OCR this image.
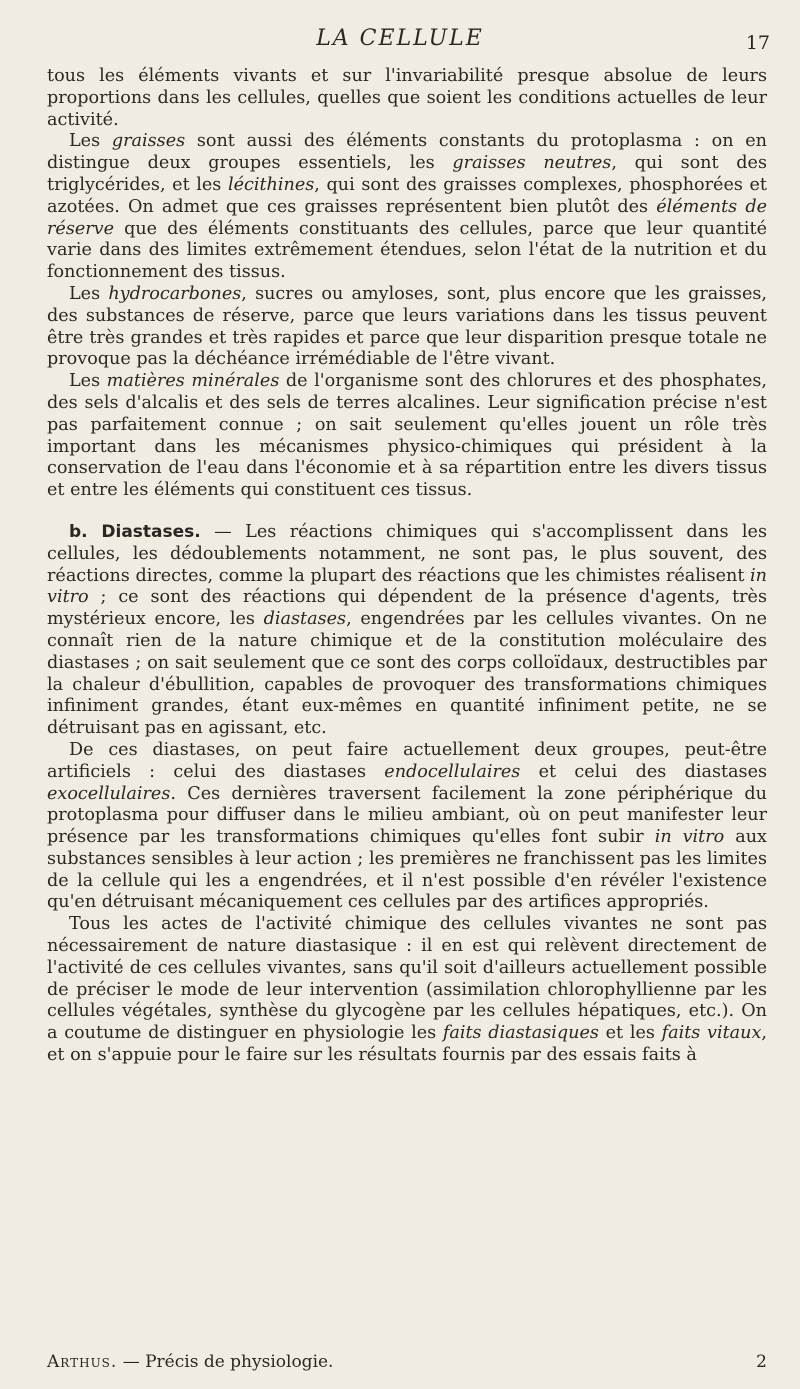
LA CELLULE	17

tous les éléments vivants et sur l'invariabilité presque absolue de leurs proportions dans les cellules, quelles que soient les conditions actuelles de leur activité.

Les graisses sont aussi des éléments constants du protoplasma : on en distingue deux groupes essentiels, les graisses neutres, qui sont des triglycérides, et les lécithines, qui sont des graisses complexes, phosphorées et azotées. On admet que ces graisses représentent bien plutôt des éléments de réserve que des éléments constituants des cellules, parce que leur quantité varie dans des limites extrêmement étendues, selon l'état de la nutrition et du fonctionnement des tissus.

Les hydrocarbones, sucres ou amyloses, sont, plus encore que les graisses, des substances de réserve, parce que leurs variations dans les tissus peuvent être très grandes et très rapides et parce que leur disparition presque totale ne provoque pas la déchéance irrémédiable de l'être vivant.

Les matières minérales de l'organisme sont des chlorures et des phosphates, des sels d'alcalis et des sels de terres alcalines. Leur signification précise n'est pas parfaitement connue ; on sait seulement qu'elles jouent un rôle très important dans les mécanismes physico-chimiques qui président à la conservation de l'eau dans l'économie et à sa répartition entre les divers tissus et entre les éléments qui constituent ces tissus.

b. Diastases. — Les réactions chimiques qui s'accomplissent dans les cellules, les dédoublements notamment, ne sont pas, le plus souvent, des réactions directes, comme la plupart des réactions que les chimistes réalisent in vitro ; ce sont des réactions qui dépendent de la présence d'agents, très mystérieux encore, les diastases, engendrées par les cellules vivantes. On ne connaît rien de la nature chimique et de la constitution moléculaire des diastases ; on sait seulement que ce sont des corps colloïdaux, destructibles par la chaleur d'ébullition, capables de provoquer des transformations chimiques infiniment grandes, étant eux-mêmes en quantité infiniment petite, ne se détruisant pas en agissant, etc.

De ces diastases, on peut faire actuellement deux groupes, peut-être artificiels : celui des diastases endocellulaires et celui des diastases exocellulaires. Ces dernières traversent facilement la zone périphérique du protoplasma pour diffuser dans le milieu ambiant, où on peut manifester leur présence par les transformations chimiques qu'elles font subir in vitro aux substances sensibles à leur action ; les premières ne franchissent pas les limites de la cellule qui les a engendrées, et il n'est possible d'en révéler l'existence qu'en détruisant mécaniquement ces cellules par des artifices appropriés.

Tous les actes de l'activité chimique des cellules vivantes ne sont pas nécessairement de nature diastasique : il en est qui relèvent directement de l'activité de ces cellules vivantes, sans qu'il soit d'ailleurs actuellement possible de préciser le mode de leur intervention (assimilation chlorophyllienne par les cellules végétales, synthèse du glycogène par les cellules hépatiques, etc.). On a coutume de distinguer en physiologie les faits diastasiques et les faits vitaux, et on s'appuie pour le faire sur les résultats fournis par des essais faits à

Arthus. — Précis de physiologie.	2
